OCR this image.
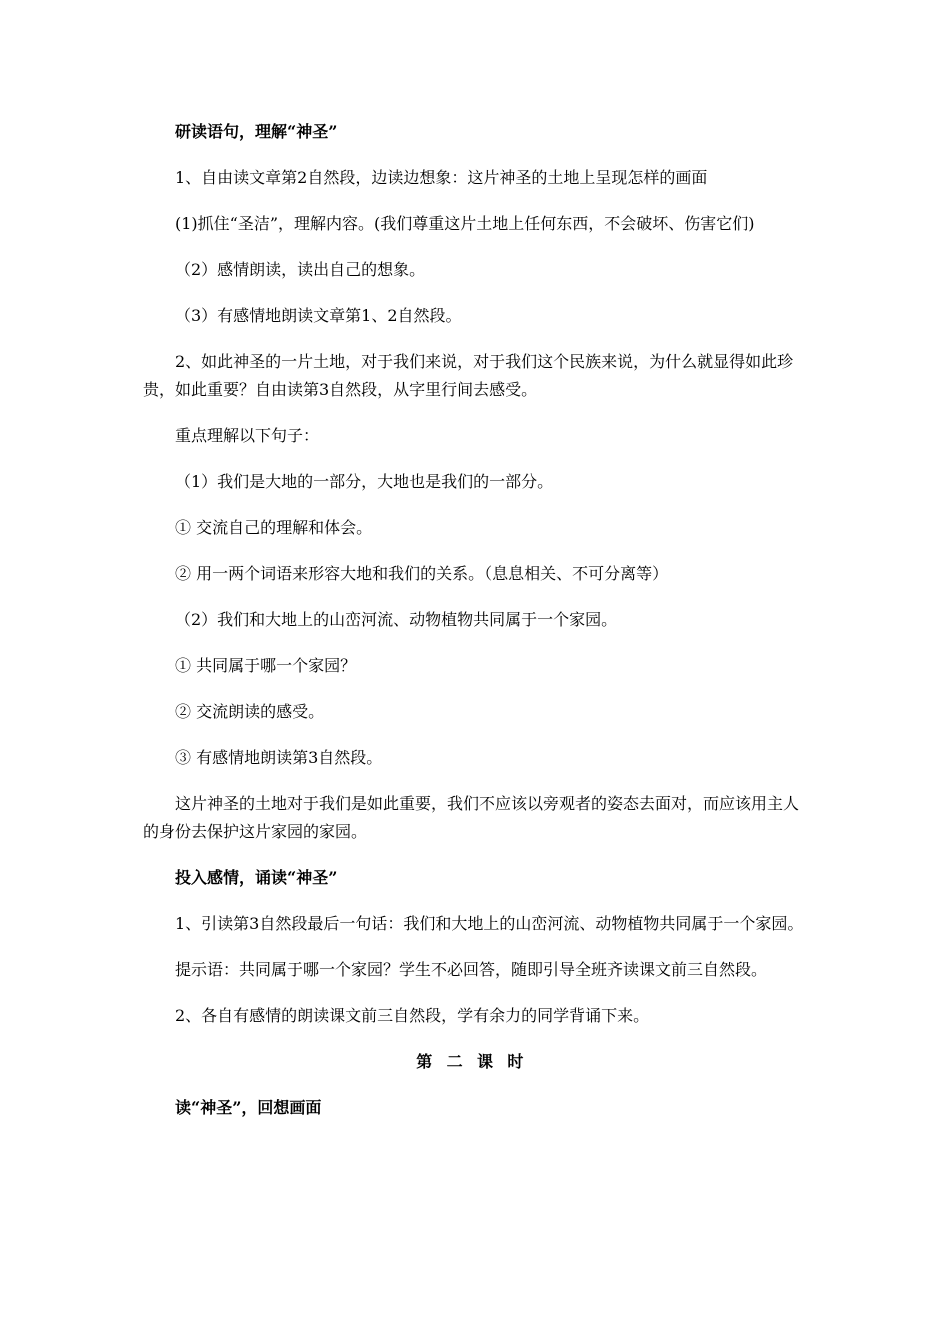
研读语句，理解“神圣”

1、自由读文章第2自然段，边读边想象：这片神圣的土地上呈现怎样的画面

(1)抓住“圣洁”，理解内容。(我们尊重这片土地上任何东西，不会破坏、伤害它们)

（2）感情朗读，读出自己的想象。

（3）有感情地朗读文章第1、2自然段。

2、如此神圣的一片土地，对于我们来说，对于我们这个民族来说，为什么就显得如此珍贵，如此重要？自由读第3自然段，从字里行间去感受。

重点理解以下句子：

（1）我们是大地的一部分，大地也是我们的一部分。

① 交流自己的理解和体会。

② 用一两个词语来形容大地和我们的关系。（息息相关、不可分离等）

（2）我们和大地上的山峦河流、动物植物共同属于一个家园。

① 共同属于哪一个家园？

② 交流朗读的感受。

③ 有感情地朗读第3自然段。

这片神圣的土地对于我们是如此重要，我们不应该以旁观者的姿态去面对，而应该用主人的身份去保护这片家园的家园。

投入感情，诵读“神圣”

1、引读第3自然段最后一句话：我们和大地上的山峦河流、动物植物共同属于一个家园。

提示语：共同属于哪一个家园？学生不必回答，随即引导全班齐读课文前三自然段。

2、各自有感情的朗读课文前三自然段，学有余力的同学背诵下来。

第二课时

读“神圣”，回想画面
